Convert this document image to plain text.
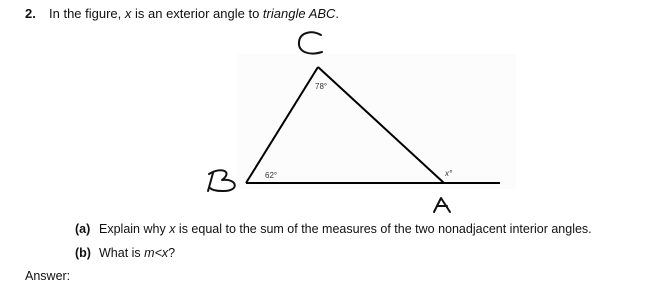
2. In the figure, x is an exterior angle to triangle ABC.
78°
62°	x°
(a) Explain why x is equal to the sum of the measures of the two nonadjacent interior angles.
(b) What is m<x?
Answer:
